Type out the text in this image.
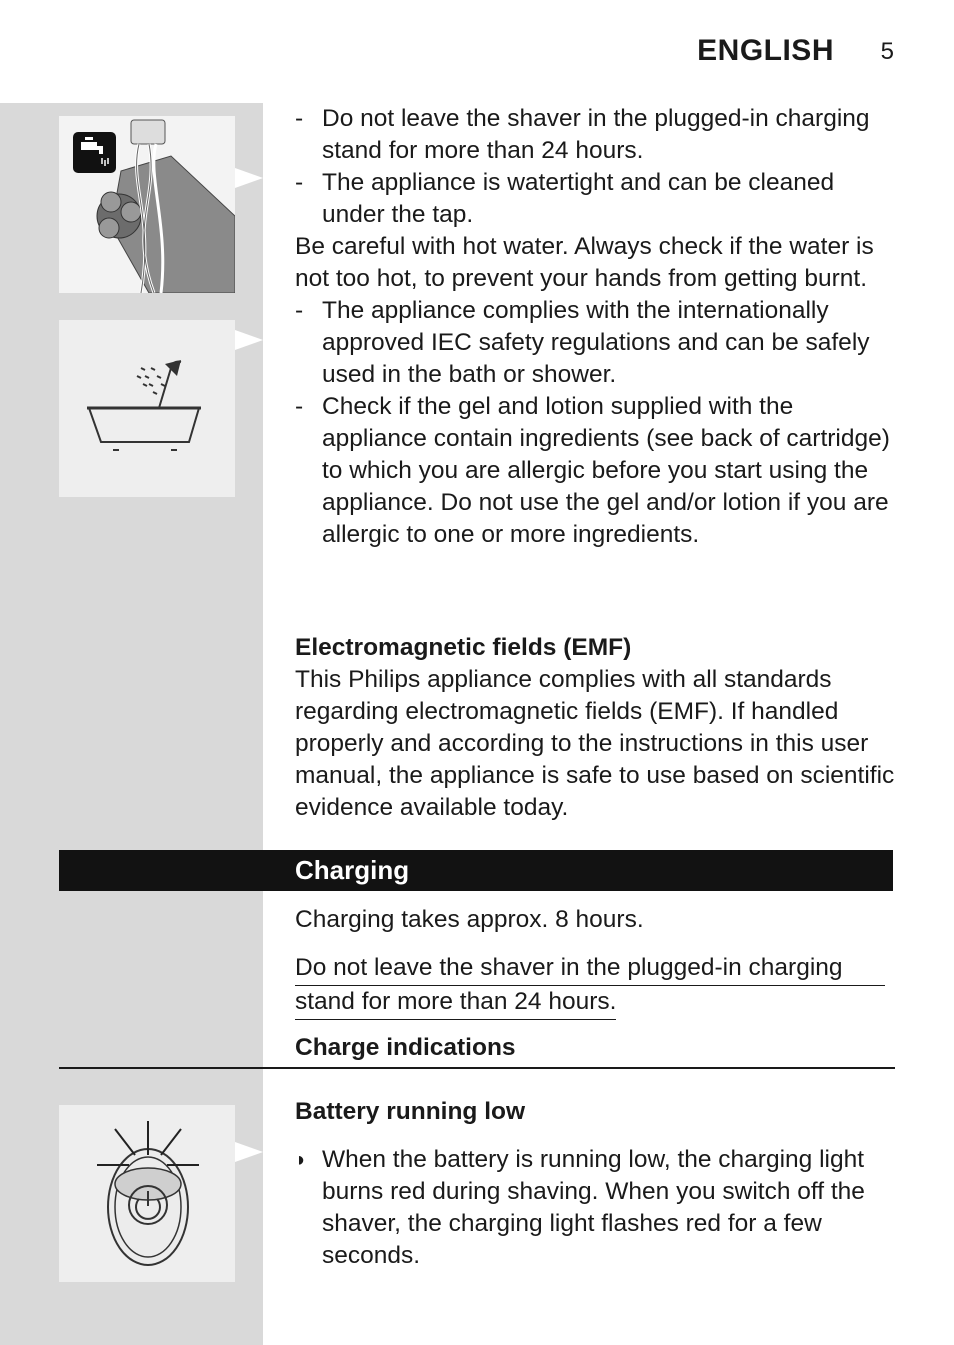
ENGLISH 5
- Do not leave the shaver in the plugged-in charging stand for more than 24 hours.
- The appliance is watertight and can be cleaned under the tap.
Be careful with hot water. Always check if the water is not too hot, to prevent your hands from getting burnt.
- The appliance complies with the internationally approved IEC safety regulations and can be safely used in the bath or shower.
- Check if the gel and lotion supplied with the appliance contain ingredients (see back of cartridge) to which you are allergic before you start using the appliance. Do not use the gel and/or lotion if you are allergic to one or more ingredients.
Electromagnetic fields (EMF)
This Philips appliance complies with all standards regarding electromagnetic fields (EMF). If handled properly and according to the instructions in this user manual, the appliance is safe to use based on scientific evidence available today.
Charging
Charging takes approx. 8 hours.
Do not leave the shaver in the plugged-in charging
stand for more than 24 hours.
Charge indications
Battery running low
◗ When the battery is running low, the charging light burns red during shaving. When you switch off the shaver, the charging light flashes red for a few seconds.
